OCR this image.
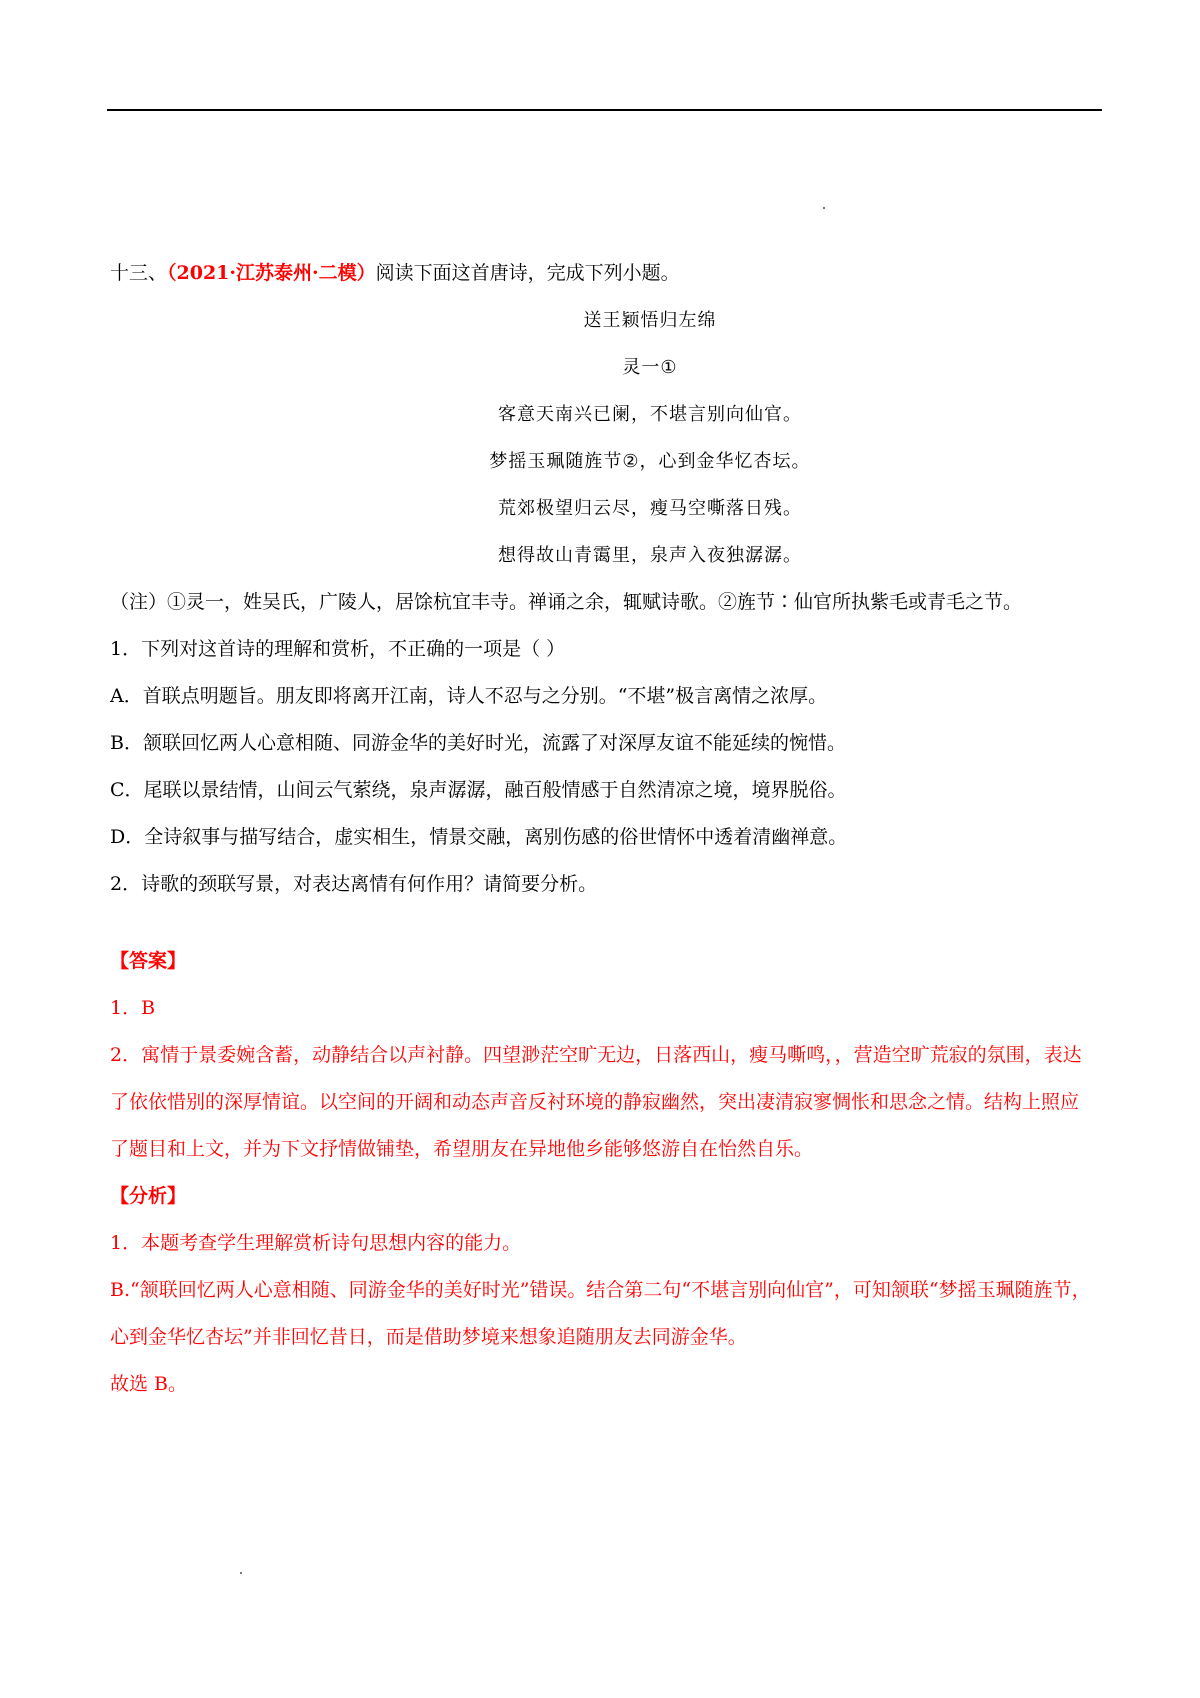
十三、（2021·江苏泰州·二模）阅读下面这首唐诗，完成下列小题。
送王颖悟归左绵
灵一①
客意天南兴已阑，不堪言别向仙官。
梦摇玉珮随旌节②，心到金华忆杏坛。
荒郊极望归云尽，瘦马空嘶落日残。
想得故山青霭里，泉声入夜独潺潺。
（注）①灵一，姓吴氏，广陵人，居馀杭宜丰寺。禅诵之余，辄赋诗歌。②旌节∶仙官所执紫毛或青毛之节。
1．下列对这首诗的理解和赏析，不正确的一项是（ ）
A．首联点明题旨。朋友即将离开江南，诗人不忍与之分别。“不堪”极言离情之浓厚。
B．颔联回忆两人心意相随、同游金华的美好时光，流露了对深厚友谊不能延续的惋惜。
C．尾联以景结情，山间云气萦绕，泉声潺潺，融百般情感于自然清凉之境，境界脱俗。
D．全诗叙事与描写结合，虚实相生，情景交融，离别伤感的俗世情怀中透着清幽禅意。
2．诗歌的颈联写景，对表达离情有何作用？请简要分析。
【答案】
1．B
2．寓情于景委婉含蓄，动静结合以声衬静。四望渺茫空旷无边，日落西山，瘦马嘶鸣，，营造空旷荒寂的氛围，表达了依依惜别的深厚情谊。以空间的开阔和动态声音反衬环境的静寂幽然，突出凄清寂寥惆怅和思念之情。结构上照应了题目和上文，并为下文抒情做铺垫，希望朋友在异地他乡能够悠游自在怡然自乐。
【分析】
1．本题考查学生理解赏析诗句思想内容的能力。
B.“颔联回忆两人心意相随、同游金华的美好时光”错误。结合第二句“不堪言别向仙官”，可知颔联“梦摇玉珮随旌节，心到金华忆杏坛”并非回忆昔日，而是借助梦境来想象追随朋友去同游金华。
故选 B。
